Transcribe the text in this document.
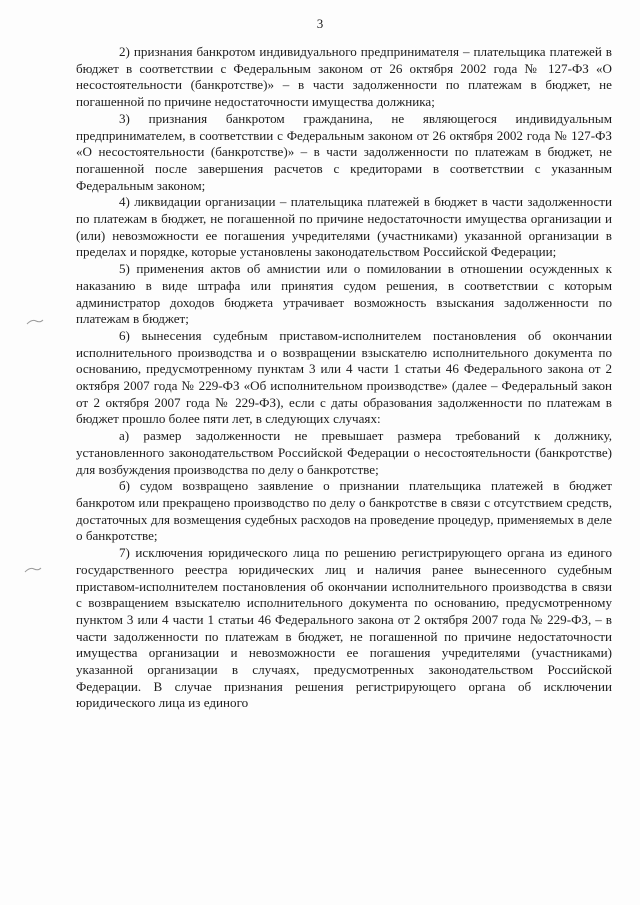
3

2) признания банкротом индивидуального предпринимателя – плательщика платежей в бюджет в соответствии с Федеральным законом от 26 октября 2002 года № 127-ФЗ «О несостоятельности (банкротстве)» – в части задолженности по платежам в бюджет, не погашенной по причине недостаточности имущества должника;

3) признания банкротом гражданина, не являющегося индивидуальным предпринимателем, в соответствии с Федеральным законом от 26 октября 2002 года № 127-ФЗ «О несостоятельности (банкротстве)» – в части задолженности по платежам в бюджет, не погашенной после завершения расчетов с кредиторами в соответствии с указанным Федеральным законом;

4) ликвидации организации – плательщика платежей в бюджет в части задолженности по платежам в бюджет, не погашенной по причине недостаточности имущества организации и (или) невозможности ее погашения учредителями (участниками) указанной организации в пределах и порядке, которые установлены законодательством Российской Федерации;

5) применения актов об амнистии или о помиловании в отношении осужденных к наказанию в виде штрафа или принятия судом решения, в соответствии с которым администратор доходов бюджета утрачивает возможность взыскания задолженности по платежам в бюджет;

6) вынесения судебным приставом-исполнителем постановления об окончании исполнительного производства и о возвращении взыскателю исполнительного документа по основанию, предусмотренному пунктам 3 или 4 части 1 статьи 46 Федерального закона от 2 октября 2007 года № 229-ФЗ «Об исполнительном производстве» (далее – Федеральный закон от 2 октября 2007 года № 229-ФЗ), если с даты образования задолженности по платежам в бюджет прошло более пяти лет, в следующих случаях:

а) размер задолженности не превышает размера требований к должнику, установленного законодательством Российской Федерации о несостоятельности (банкротстве) для возбуждения производства по делу о банкротстве;

б) судом возвращено заявление о признании плательщика платежей в бюджет банкротом или прекращено производство по делу о банкротстве в связи с отсутствием средств, достаточных для возмещения судебных расходов на проведение процедур, применяемых в деле о банкротстве;

7) исключения юридического лица по решению регистрирующего органа из единого государственного реестра юридических лиц и наличия ранее вынесенного судебным приставом-исполнителем постановления об окончании исполнительного производства в связи с возвращением взыскателю исполнительного документа по основанию, предусмотренному пунктом 3 или 4 части 1 статьи 46 Федерального закона от 2 октября 2007 года № 229-ФЗ, – в части задолженности по платежам в бюджет, не погашенной по причине недостаточности имущества организации и невозможности ее погашения учредителями (участниками) указанной организации в случаях, предусмотренных законодательством Российской Федерации. В случае признания решения регистрирующего органа об исключении юридического лица из единого
